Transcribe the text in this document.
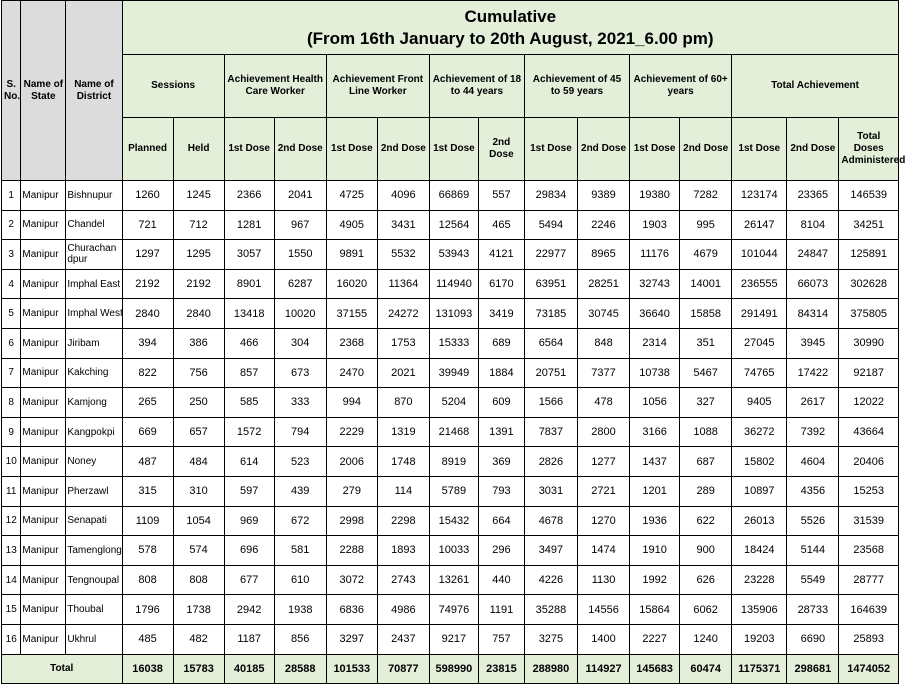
S. No.	Name of State	Name of District	Cumulative
(From 16th January to 20th August, 2021_6.00 pm)														

			Sessions		Achievement Health Care Worker		Achievement Front Line Worker		Achievement of 18 to 44 years		Achievement of 45 to 59 years		Achievement of 60+ years		Total Achievement		
			Planned	Held	1st Dose	2nd Dose	1st Dose	2nd Dose	1st Dose	2nd Dose	1st Dose	2nd Dose	1st Dose	2nd Dose	1st Dose	2nd Dose	Total Doses Administered
1	Manipur	Bishnupur	1260	1245	2366	2041	4725	4096	66869	557	29834	9389	19380	7282	123174	23365	146539
2	Manipur	Chandel	721	712	1281	967	4905	3431	12564	465	5494	2246	1903	995	26147	8104	34251
3	Manipur	Churachandpur	1297	1295	3057	1550	9891	5532	53943	4121	22977	8965	11176	4679	101044	24847	125891
4	Manipur	Imphal East	2192	2192	8901	6287	16020	11364	114940	6170	63951	28251	32743	14001	236555	66073	302628
5	Manipur	Imphal West	2840	2840	13418	10020	37155	24272	131093	3419	73185	30745	36640	15858	291491	84314	375805
6	Manipur	Jiribam	394	386	466	304	2368	1753	15333	689	6564	848	2314	351	27045	3945	30990
7	Manipur	Kakching	822	756	857	673	2470	2021	39949	1884	20751	7377	10738	5467	74765	17422	92187
8	Manipur	Kamjong	265	250	585	333	994	870	5204	609	1566	478	1056	327	9405	2617	12022
9	Manipur	Kangpokpi	669	657	1572	794	2229	1319	21468	1391	7837	2800	3166	1088	36272	7392	43664
10	Manipur	Noney	487	484	614	523	2006	1748	8919	369	2826	1277	1437	687	15802	4604	20406
11	Manipur	Pherzawl	315	310	597	439	279	114	5789	793	3031	2721	1201	289	10897	4356	15253
12	Manipur	Senapati	1109	1054	969	672	2998	2298	15432	664	4678	1270	1936	622	26013	5526	31539
13	Manipur	Tamenglong	578	574	696	581	2288	1893	10033	296	3497	1474	1910	900	18424	5144	23568
14	Manipur	Tengnoupal	808	808	677	610	3072	2743	13261	440	4226	1130	1992	626	23228	5549	28777
15	Manipur	Thoubal	1796	1738	2942	1938	6836	4986	74976	1191	35288	14556	15864	6062	135906	28733	164639
16	Manipur	Ukhrul	485	482	1187	856	3297	2437	9217	757	3275	1400	2227	1240	19203	6690	25893
Total			16038	15783	40185	28588	101533	70877	598990	23815	288980	114927	145683	60474	1175371	298681	1474052
